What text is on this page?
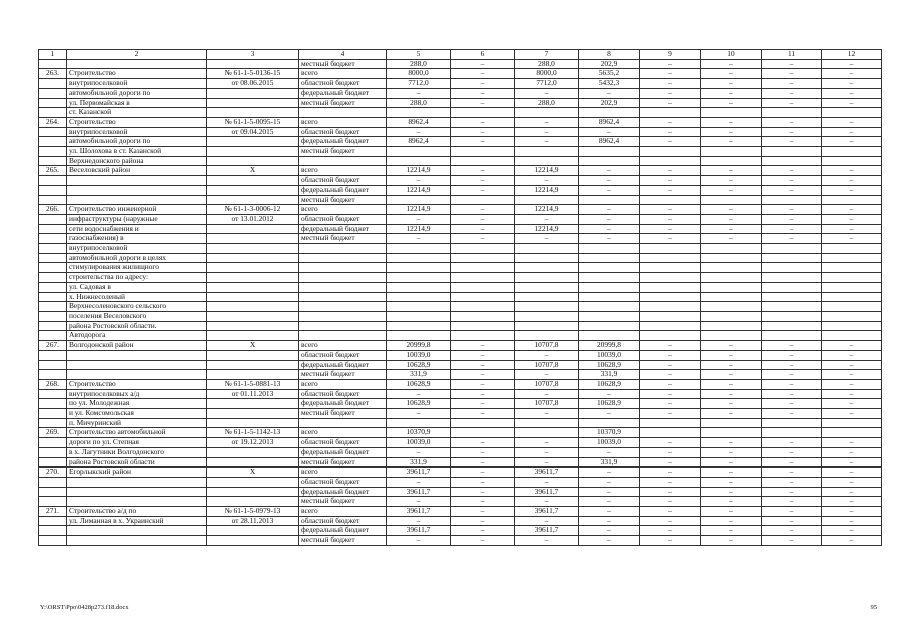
1	2	3	4	5	6	7	8	9	10	11	12
			местный бюджет	288,0	–	288,0	202,9	–	–	–	–
263.	Строительство	№ 61-1-5-0136-15	всего	8000,0	–	8000,0	5635,2	–	–	–	–
	внутрипоселковой	от 08.06.2015	областной бюджет	7712,0	–	7712,0	5432,3	–	–	–	–
	автомобильной дороги по		федеральный бюджет	–	–	–	–	–	–	–	–
	ул. Первомайская в		местный бюджет	288,0	–	288,0	202,9	–	–	–	–
	ст. Казанской										
264.	Строительство	№ 61-1-5-0095-15	всего	8962,4	–	–	8962,4	–	–	–	–
	внутрипоселковой	от 09.04.2015	областной бюджет	–	–	–	–	–	–	–	–
	автомобильной дороги по		федеральный бюджет	8962,4	–	–	8962,4	–	–	–	–
	ул. Шолохова в ст. Казанской		местный бюджет								
	Верхнедонского района										
265.	Веселовский район	Х	всего	12214,9	–	12214,9	–	–	–	–	–
			областной бюджет	–	–	–	–	–	–	–	–
			федеральный бюджет	12214,9	–	12214,9	–	–	–	–	–
			местный бюджет								
266.	Строительство инженерной	№ 61-1-3-0006-12	всего	12214,9	–	12214,9	–	–	–	–	–
	инфраструктуры (наружные	от 13.01.2012	областной бюджет	–	–	–	–	–	–	–	–
	сети водоснабжения и		федеральный бюджет	12214,9	–	12214,9	–	–	–	–	–
	газоснабжения) в		местный бюджет	–	–	–	–	–	–	–	–
	внутрипоселковой										
	автомобильной дороги в целях										
	стимулирования жилищного										
	строительства по адресу:										
	ул. Садовая в										
	х. Нижнесоленый										
	Верхнесоленовского сельского										
	поселения Веселовского										
	района Ростовской области.										
	Автодорога										
267.	Волгодонской район	Х	всего	20999,8	–	10707,8	20999,8	–	–	–	–
			областной бюджет	10039,0	–	–	10039,0	–	–	–	–
			федеральный бюджет	10628,9	–	10707,8	10628,9	–	–	–	–
			местный бюджет	331,9	–	–	331,9	–	–	–	–
268.	Строительство	№ 61-1-5-0881-13	всего	10628,9	–	10707,8	10628,9	–	–	–	–
	внутрипоселковых а/д	от 01.11.2013	областной бюджет	–	–	–	–	–	–	–	–
	по ул. Молодежная		федеральный бюджет	10628,9	–	10707,8	10628,9	–	–	–	–
	и ул. Комсомольская		местный бюджет	–	–	–	–	–	–	–	–
	п. Мичуринский										
269.	Строительство автомобильной	№ 61-1-5-1142-13	всего	10370,9			10370,9				
	дороги по ул. Степная	от 19.12.2013	областной бюджет	10039,0	–	–	10039,0	–	–	–	–
	в х. Лагутники Волгодонского		федеральный бюджет	–	–	–	–	–	–	–	–
	района Ростовской области		местный бюджет	331,9	–	–	331,9	–	–	–	–

270.	Егорлыкский район	Х	всего	39611,7	–	39611,7	–	–	–	–	–
			областной бюджет	–	–	–	–	–	–	–	–
			федеральный бюджет	39611,7	–	39611,7	–	–	–	–	–
			местный бюджет	–	–	–	–	–	–	–	–
271.	Строительство а/д по	№ 61-1-5-0979-13	всего	39611,7	–	39611,7	–	–	–	–	–
	ул. Лиманная в х. Украинский	от 28.11.2013	областной бюджет	–	–	–	–	–	–	–	–
			федеральный бюджет	39611,7	–	39611,7	–	–	–	–	–
			местный бюджет	–	–	–	–	–	–	–	–
Y:\ORST\Ppo\0428p273.f18.docx	95
